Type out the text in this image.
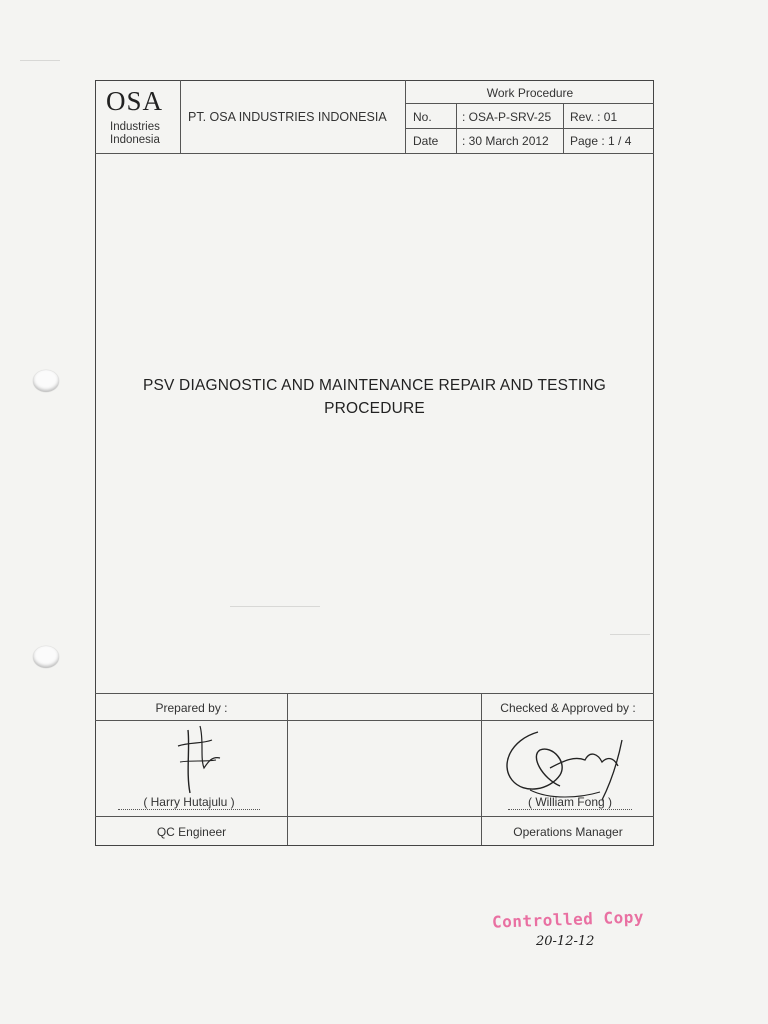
OSA
Industries
Indonesia
PT. OSA INDUSTRIES INDONESIA
Work Procedure
No.	: OSA-P-SRV-25 Rev. : 01
Date : 30 March 2012 Page : 1 / 4
PSV DIAGNOSTIC AND MAINTENANCE REPAIR AND TESTING
PROCEDURE
Prepared by :	Checked & Approved by :
( Harry Hutajulu )	( William Fong )
QC Engineer	Operations Manager
Controlled Copy
20-12-12
